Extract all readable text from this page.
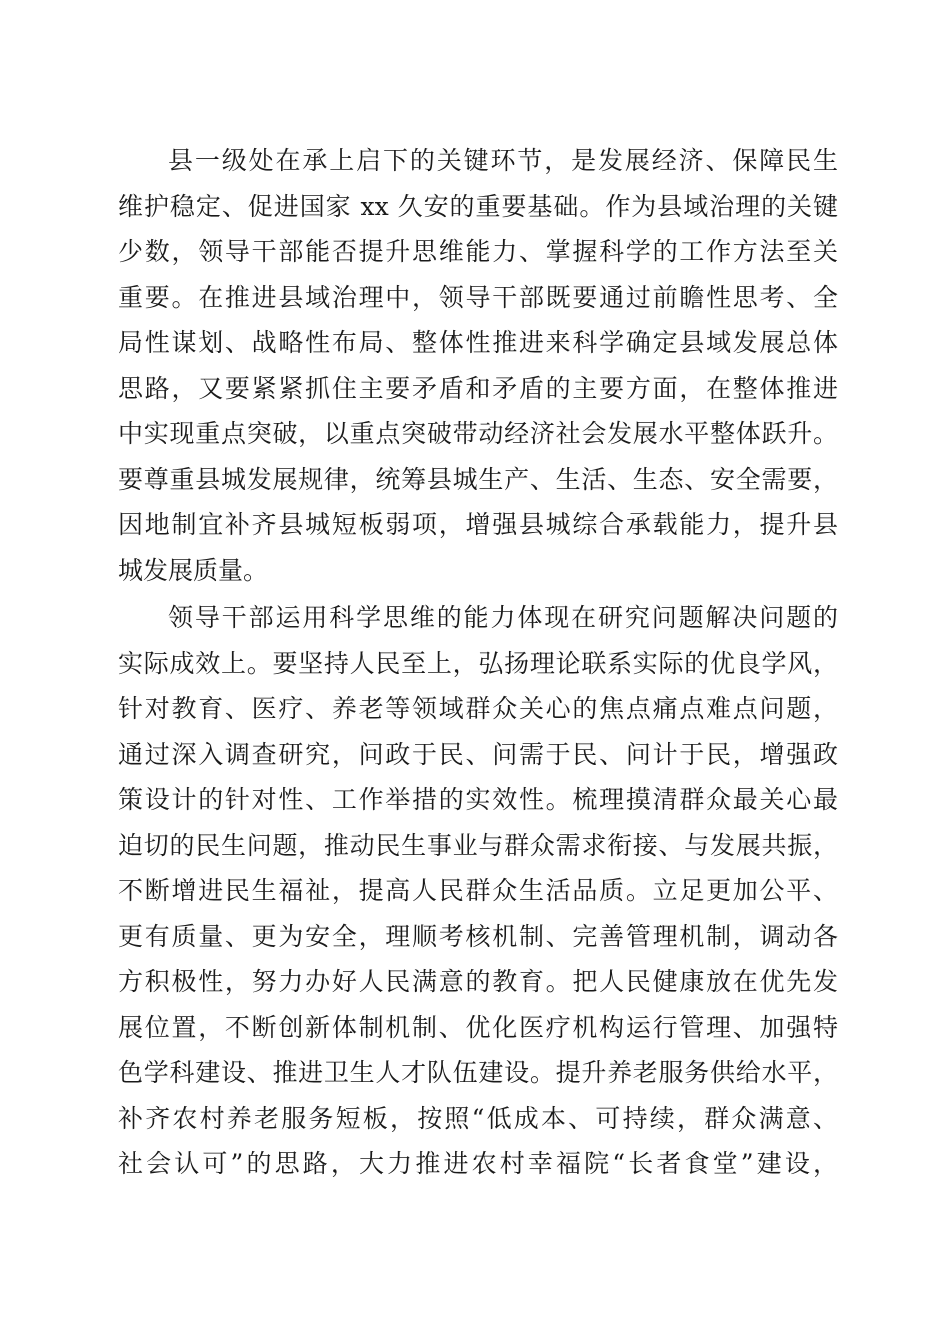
县一级处在承上启下的关键环节，是发展经济、保障民生
维护稳定、促进国家 xx 久安的重要基础。作为县域治理的关键
少数，领导干部能否提升思维能力、掌握科学的工作方法至关
重要。在推进县域治理中，领导干部既要通过前瞻性思考、全
局性谋划、战略性布局、整体性推进来科学确定县域发展总体
思路，又要紧紧抓住主要矛盾和矛盾的主要方面，在整体推进
中实现重点突破，以重点突破带动经济社会发展水平整体跃升。
要尊重县城发展规律，统筹县城生产、生活、生态、安全需要，
因地制宜补齐县城短板弱项，增强县城综合承载能力，提升县
城发展质量。
领导干部运用科学思维的能力体现在研究问题解决问题的
实际成效上。要坚持人民至上，弘扬理论联系实际的优良学风，
针对教育、医疗、养老等领域群众关心的焦点痛点难点问题，
通过深入调查研究，问政于民、问需于民、问计于民，增强政
策设计的针对性、工作举措的实效性。梳理摸清群众最关心最
迫切的民生问题，推动民生事业与群众需求衔接、与发展共振，
不断增进民生福祉，提高人民群众生活品质。立足更加公平、
更有质量、更为安全，理顺考核机制、完善管理机制，调动各
方积极性，努力办好人民满意的教育。把人民健康放在优先发
展位置，不断创新体制机制、优化医疗机构运行管理、加强特
色学科建设、推进卫生人才队伍建设。提升养老服务供给水平，
补齐农村养老服务短板，按照“低成本、可持续，群众满意、
社会认可”的思路，大力推进农村幸福院“长者食堂”建设，
